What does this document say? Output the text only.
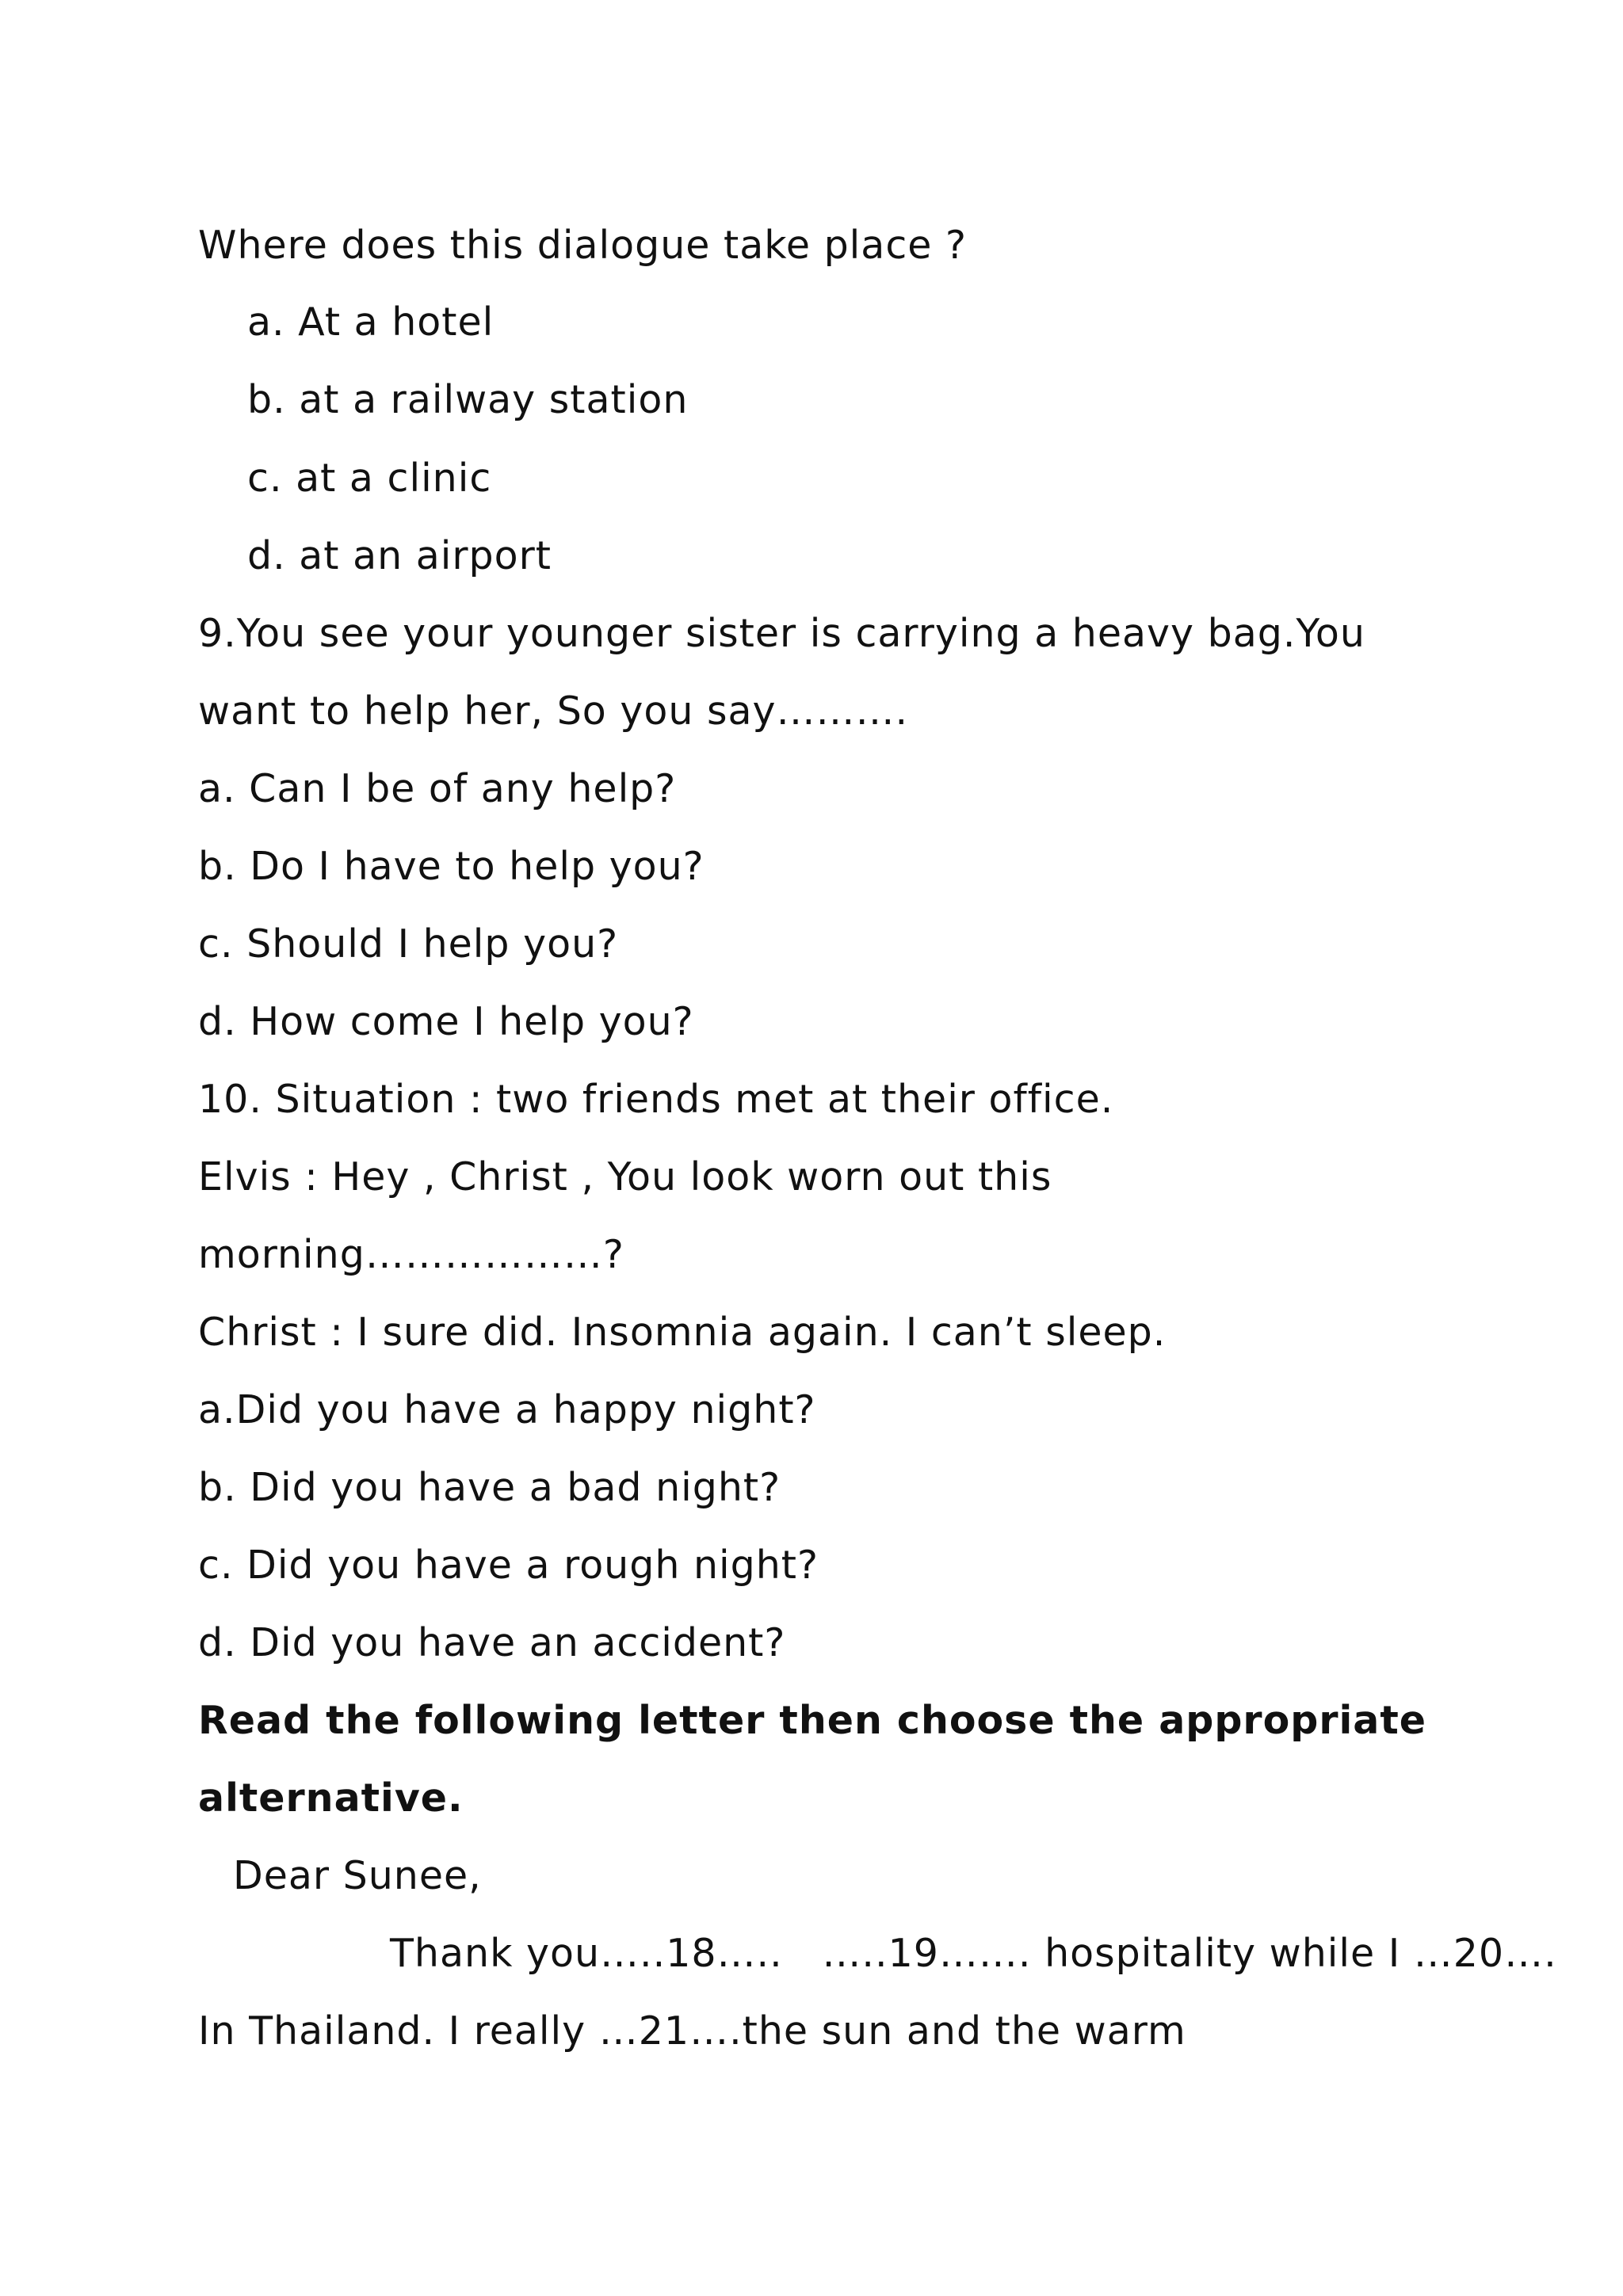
Where does this dialogue take place ?
a. At a hotel
b. at a railway station
c. at a clinic
d. at an airport
9.You see your younger sister is carrying a heavy bag.You
want to help her, So you say……….
a. Can I be of any help?
b. Do I have to help you?
c. Should I help you?
d. How come I help you?
10. Situation : two friends met at their office.
Elvis : Hey , Christ , You look worn out this
morning………………?
Christ : I sure did. Insomnia again. I can’t sleep.
a.Did you have a happy night?
b. Did you have a bad night?
c. Did you have a rough night?
d. Did you have an accident?
Read the following letter then choose the appropriate
alternative.
Dear Sunee,
Thank you…..18…..   …..19……. hospitality while I …20….
In Thailand. I really …21….the sun and the warm
